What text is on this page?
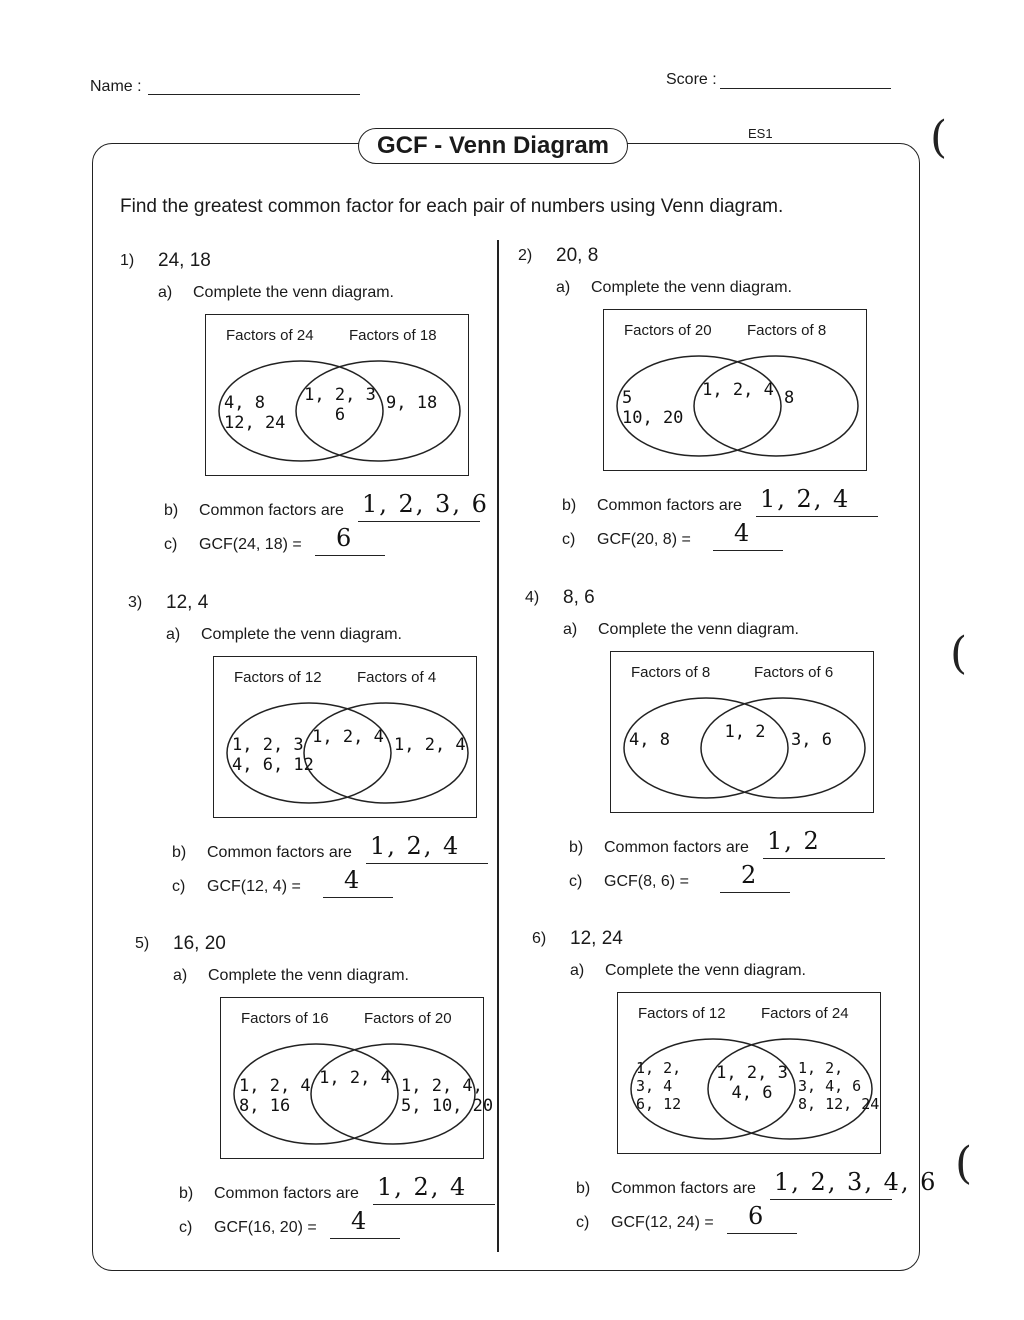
Name :	Score :
GCF - Venn Diagram	ES1	(
Find the greatest common factor for each pair of numbers using Venn diagram.
(
(
1) 24, 18
a) Complete the venn diagram.
Factors of 24 Factors of 18
4, 8
12, 24
1, 2, 3
6
9, 18
b) Common factors are 1, 2, 3, 6
c) GCF(24, 18) = 6
2) 20, 8
a) Complete the venn diagram.
Factors of 20 Factors of 8
5
10, 20
1, 2, 4 8
b) Common factors are 1, 2, 4
c) GCF(20, 8) = 4
3) 12, 4
a) Complete the venn diagram.
Factors of 12 Factors of 4
1, 2, 3
4, 6, 12
1, 2, 4 1, 2, 4
b) Common factors are 1, 2, 4
c) GCF(12, 4) = 4
4) 8, 6
a) Complete the venn diagram.
Factors of 8	Factors of 6
4, 8	1, 2	3, 6
b) Common factors are 1, 2
c) GCF(8, 6) = 2
5) 16, 20
a) Complete the venn diagram.
Factors of 16 Factors of 20
1, 2, 4
8, 16
1, 2, 4 1, 2, 4,
5, 10, 20
b) Common factors are 1, 2, 4
c) GCF(16, 20) = 4
6) 12, 24
a) Complete the venn diagram.
Factors of 12 Factors of 24
1, 2,
3, 4
6, 12
1, 2, 3
4, 6
1, 2,
3, 4, 6
8, 12, 24
b) Common factors are 1, 2, 3, 4, 6
c) GCF(12, 24) = 6
